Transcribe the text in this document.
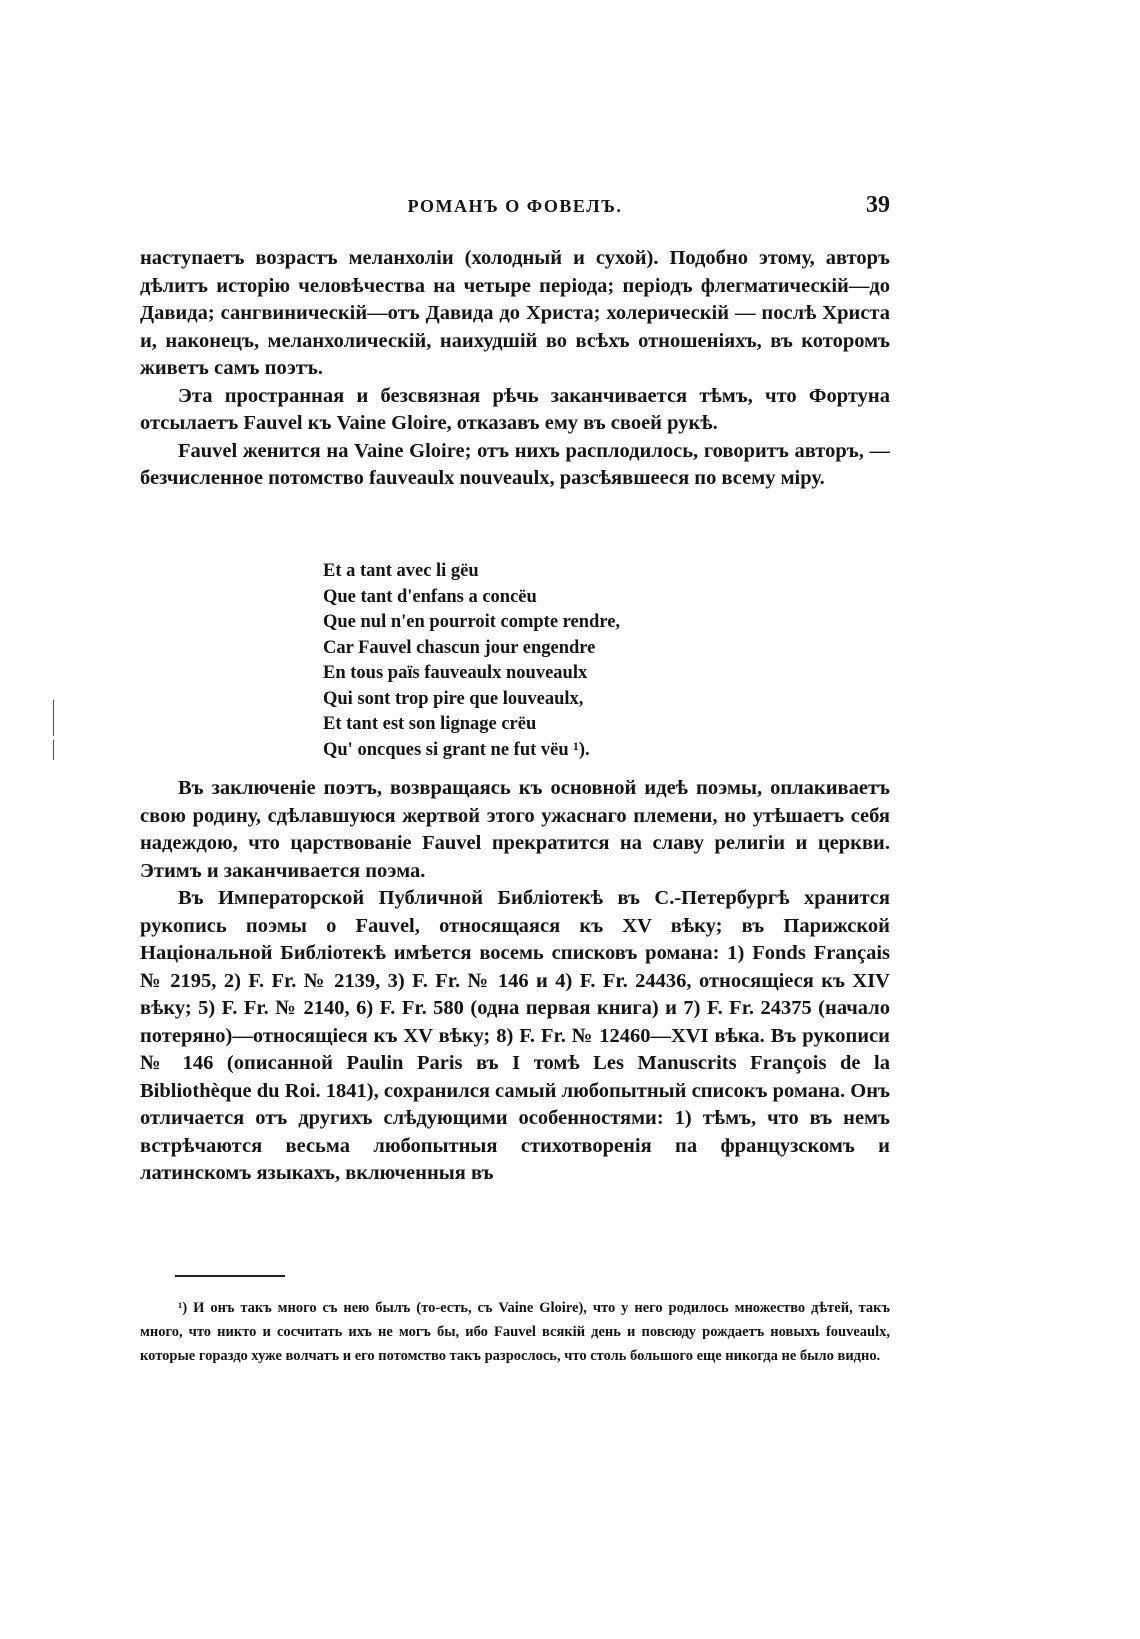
РОМАНЪ О ФОВЕЛЪ.	39

наступаетъ возрастъ меланхоліи (холодный и сухой). Подобно этому, авторъ дѣлитъ исторію человѣчества на четыре періода; періодъ флегматическій—до Давида; сангвиническій—отъ Давида до Христа; холерическій — послѣ Христа и, наконецъ, меланхолическій, наихудшій во всѣхъ отношеніяхъ, въ которомъ живетъ самъ поэтъ.

Эта пространная и безсвязная рѣчь заканчивается тѣмъ, что Фортуна отсылаетъ Fauvel къ Vaine Gloire, отказавъ ему въ своей рукѣ.

Fauvel женится на Vaine Gloire; отъ нихъ расплодилось, говоритъ авторъ, — безчисленное потомство fauveaulx nouveaulx, разсѣявшееся по всему міру.

Et a tant avec li gëu
Que tant d'enfans a concëu
Que nul n'en pourroit compte rendre,
Car Fauvel chascun jour engendre
En tous païs fauveaulx nouveaulx
Qui sont trop pire que louveaulx,
Et tant est son lignage crëu
Qu' oncques si grant ne fut vëu ¹).

Въ заключеніе поэтъ, возвращаясь къ основной идеѣ поэмы, оплакиваетъ свою родину, сдѣлавшуюся жертвой этого ужаснаго племени, но утѣшаетъ себя надеждою, что царствованіе Fauvel прекратится на славу религіи и церкви. Этимъ и заканчивается поэма.

Въ Императорской Публичной Библіотекѣ въ С.-Петербургѣ хранится рукопись поэмы о Fauvel, относящаяся къ XV вѣку; въ Парижской Національной Библіотекѣ имѣется восемь списковъ романа: 1) Fonds Français № 2195, 2) F. Fr. № 2139, 3) F. Fr. № 146 и 4) F. Fr. 24436, относящіеся къ XIV вѣку; 5) F. Fr. № 2140, 6) F. Fr. 580 (одна первая книга) и 7) F. Fr. 24375 (начало потеряно)—относящіеся къ XV вѣку; 8) F. Fr. № 12460—XVI вѣка. Въ рукописи № 146 (описанной Paulin Paris въ I томѣ Les Manuscrits François de la Bibliothèque du Roi. 1841), сохранился самый любопытный списокъ романа. Онъ отличается отъ другихъ слѣдующими особенностями: 1) тѣмъ, что въ немъ встрѣчаются весьма любопытныя стихотворенія па французскомъ и латинскомъ языкахъ, включенныя въ

¹) И онъ такъ много съ нею былъ (то-есть, съ Vaine Gloire), что у него родилось множество дѣтей, такъ много, что никто и сосчитать ихъ не могъ бы, ибо Fauvel всякій день и повсюду рождаетъ новыхъ fouveaulx, которые гораздо хуже волчатъ и его потомство такъ разрослось, что столь большого еще никогда не было видно.
